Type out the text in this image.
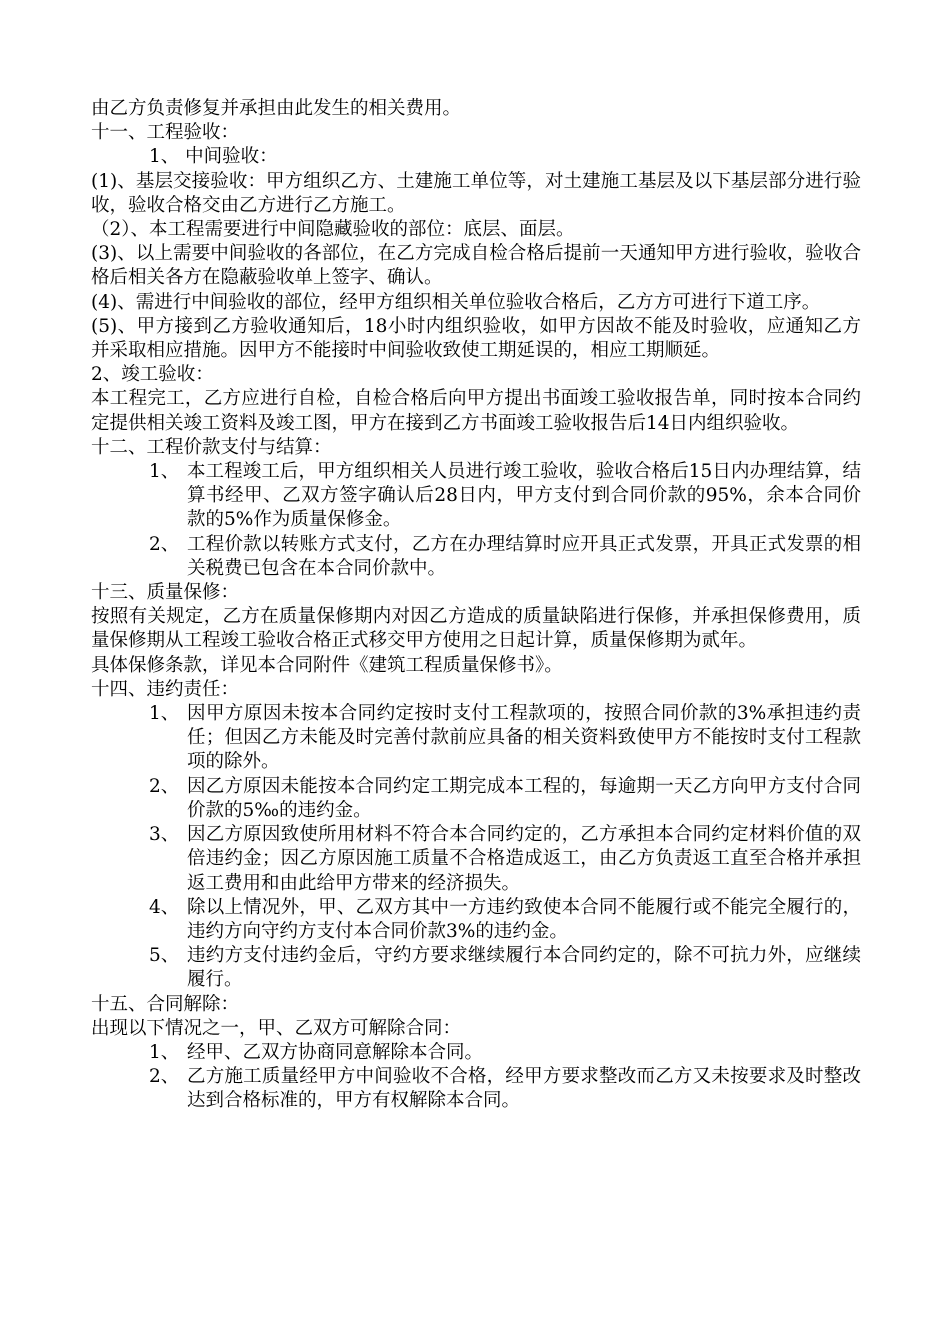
由乙方负责修复并承担由此发生的相关费用。
十一、工程验收：
1、 中间验收：
(1)、基层交接验收：甲方组织乙方、土建施工单位等，对土建施工基层及以下基层部分进行验收，验收合格交由乙方进行乙方施工。
（2）、本工程需要进行中间隐藏验收的部位：底层、面层。
(3)、以上需要中间验收的各部位，在乙方完成自检合格后提前一天通知甲方进行验收，验收合格后相关各方在隐蔽验收单上签字、确认。
(4)、需进行中间验收的部位，经甲方组织相关单位验收合格后，乙方方可进行下道工序。
(5)、甲方接到乙方验收通知后，18小时内组织验收，如甲方因故不能及时验收，应通知乙方并采取相应措施。因甲方不能接时中间验收致使工期延误的，相应工期顺延。
2、竣工验收：
本工程完工，乙方应进行自检，自检合格后向甲方提出书面竣工验收报告单，同时按本合同约定提供相关竣工资料及竣工图，甲方在接到乙方书面竣工验收报告后14日内组织验收。
十二、工程价款支付与结算：
1、 本工程竣工后，甲方组织相关人员进行竣工验收，验收合格后15日内办理结算，结算书经甲、乙双方签字确认后28日内，甲方支付到合同价款的95%，余本合同价款的5%作为质量保修金。
2、 工程价款以转账方式支付，乙方在办理结算时应开具正式发票，开具正式发票的相关税费已包含在本合同价款中。
十三、质量保修：
按照有关规定，乙方在质量保修期内对因乙方造成的质量缺陷进行保修，并承担保修费用，质量保修期从工程竣工验收合格正式移交甲方使用之日起计算，质量保修期为贰年。
具体保修条款，详见本合同附件《建筑工程质量保修书》。
十四、违约责任：
1、 因甲方原因未按本合同约定按时支付工程款项的，按照合同价款的3%承担违约责任；但因乙方未能及时完善付款前应具备的相关资料致使甲方不能按时支付工程款项的除外。
2、 因乙方原因未能按本合同约定工期完成本工程的，每逾期一天乙方向甲方支付合同价款的5‰的违约金。
3、 因乙方原因致使所用材料不符合本合同约定的，乙方承担本合同约定材料价值的双倍违约金；因乙方原因施工质量不合格造成返工，由乙方负责返工直至合格并承担返工费用和由此给甲方带来的经济损失。
4、 除以上情况外，甲、乙双方其中一方违约致使本合同不能履行或不能完全履行的，违约方向守约方支付本合同价款3%的违约金。
5、 违约方支付违约金后，守约方要求继续履行本合同约定的，除不可抗力外，应继续履行。
十五、合同解除：
出现以下情况之一，甲、乙双方可解除合同：
1、 经甲、乙双方协商同意解除本合同。
2、 乙方施工质量经甲方中间验收不合格，经甲方要求整改而乙方又未按要求及时整改达到合格标准的，甲方有权解除本合同。
